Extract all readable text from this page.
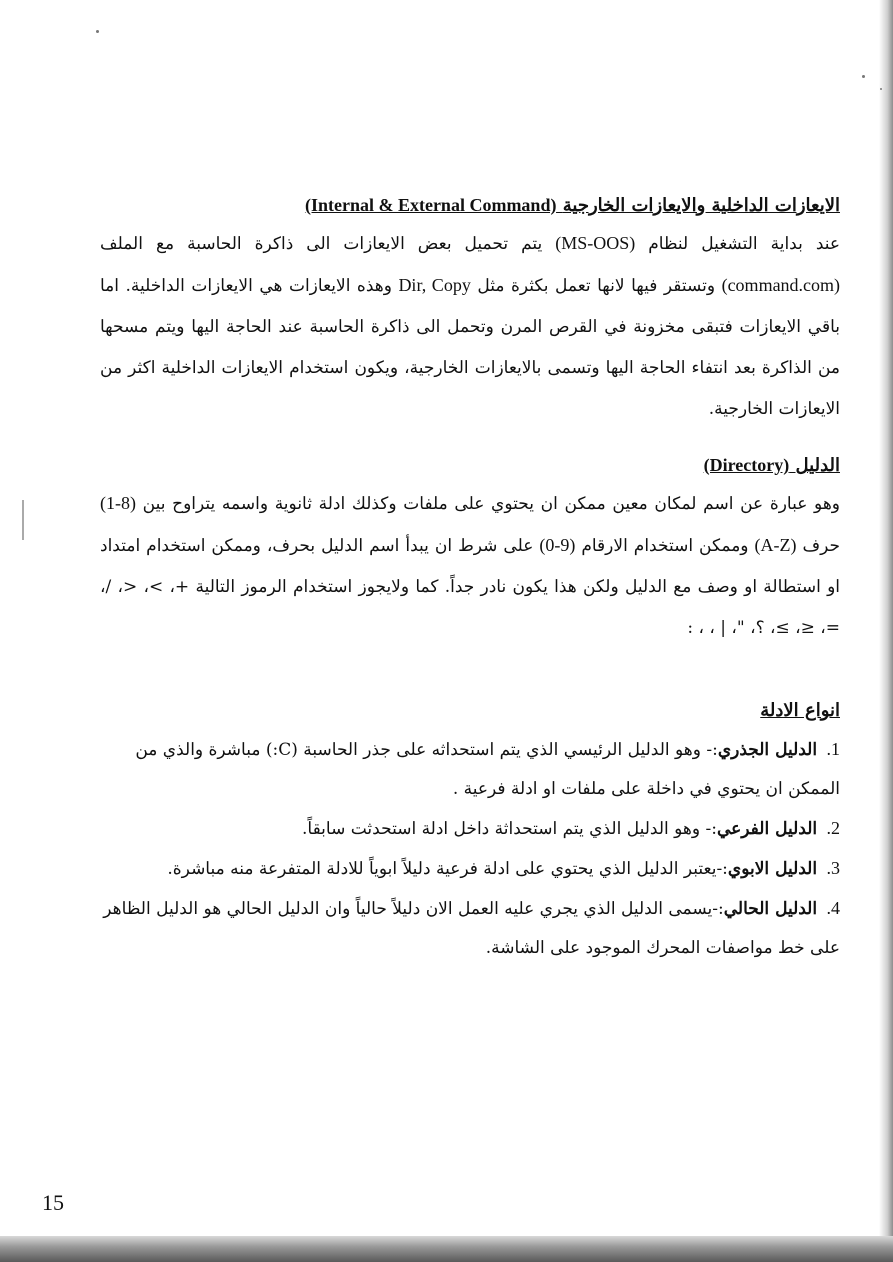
الايعازات الداخلية والايعازات الخارجية (Internal & External Command)

عند بداية التشغيل لنظام (MS-OOS) يتم تحميل بعض الايعازات الى ذاكرة الحاسبة مع الملف (command.com) وتستقر فيها لانها تعمل بكثرة مثل Dir, Copy وهذه الايعازات هي الايعازات الداخلية. اما باقي الايعازات فتبقى مخزونة في القرص المرن وتحمل الى ذاكرة الحاسبة عند الحاجة اليها ويتم مسحها من الذاكرة بعد انتفاء الحاجة اليها وتسمى بالايعازات الخارجية، ويكون استخدام الايعازات الداخلية اكثر من الايعازات الخارجية.

الدليل (Directory)

وهو عبارة عن اسم لمكان معين ممكن ان يحتوي على ملفات وكذلك ادلة ثانوية واسمه يتراوح بين (1-8) حرف (A-Z) وممكن استخدام الارقام (0-9) على شرط ان يبدأ اسم الدليل بحرف، وممكن استخدام امتداد او استطالة او وصف مع الدليل ولكن هذا يكون نادر جداً. كما ولايجوز استخدام الرموز التالية +، >، <، /، =، ≤، ≥، ؟، "، | ، ، :

انواع الادلة
1. الدليل الجذري:- وهو الدليل الرئيسي الذي يتم استحداثه على جذر الحاسبة (C:) مباشرة والذي من الممكن ان يحتوي في داخلة على ملفات او ادلة فرعية .
2. الدليل الفرعي:- وهو الدليل الذي يتم استحداثة داخل ادلة استحدثت سابقاً.
3. الدليل الابوي:-يعتبر الدليل الذي يحتوي على ادلة فرعية دليلاً ابوياً للادلة المتفرعة منه مباشرة.
4. الدليل الحالي:-يسمى الدليل الذي يجري عليه العمل الان دليلاً حالياً وان الدليل الحالي هو الدليل الظاهر على خط مواصفات المحرك الموجود على الشاشة.
15
